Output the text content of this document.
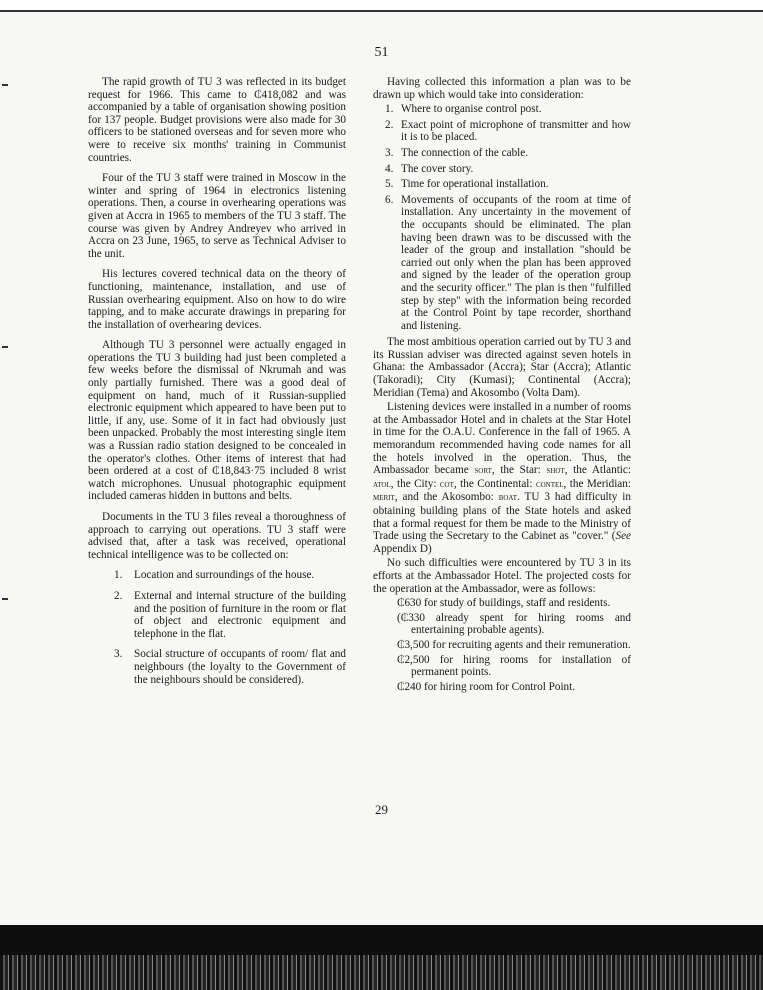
51

The rapid growth of TU 3 was reflected in its budget request for 1966. This came to ₵418,082 and was accompanied by a table of organisation showing position for 137 people. Budget provisions were also made for 30 officers to be stationed overseas and for seven more who were to receive six months' training in Communist countries.

Four of the TU 3 staff were trained in Moscow in the winter and spring of 1964 in electronics listening operations. Then, a course in overhearing operations was given at Accra in 1965 to members of the TU 3 staff. The course was given by Andrey Andreyev who arrived in Accra on 23 June, 1965, to serve as Technical Adviser to the unit.

His lectures covered technical data on the theory of functioning, maintenance, installation, and use of Russian overhearing equipment. Also on how to do wire tapping, and to make accurate drawings in preparing for the installation of overhearing devices.

Although TU 3 personnel were actually engaged in operations the TU 3 building had just been completed a few weeks before the dismissal of Nkrumah and was only partially furnished. There was a good deal of equipment on hand, much of it Russian-supplied electronic equipment which appeared to have been put to little, if any, use. Some of it in fact had obviously just been unpacked. Probably the most interesting single item was a Russian radio station designed to be concealed in the operator's clothes. Other items of interest that had been ordered at a cost of ₵18,843·75 included 8 wrist watch microphones. Unusual photographic equipment included cameras hidden in buttons and belts.

Documents in the TU 3 files reveal a thoroughness of approach to carrying out operations. TU 3 staff were advised that, after a task was received, operational technical intelligence was to be collected on:

1. Location and surroundings of the house.
2. External and internal structure of the building and the position of furniture in the room or flat of object and electronic equipment and telephone in the flat.
3. Social structure of occupants of room/ flat and neighbours (the loyalty to the Government of the neighbours should be considered).

Having collected this information a plan was to be drawn up which would take into consideration:

1. Where to organise control post.
2. Exact point of microphone of transmitter and how it is to be placed.
3. The connection of the cable.
4. The cover story.
5. Time for operational installation.
6. Movements of occupants of the room at time of installation. Any uncertainty in the movement of the occupants should be eliminated. The plan having been drawn was to be discussed with the leader of the group and installation "should be carried out only when the plan has been approved and signed by the leader of the operation group and the security officer." The plan is then "fulfilled step by step" with the information being recorded at the Control Point by tape recorder, shorthand and listening.

The most ambitious operation carried out by TU 3 and its Russian adviser was directed against seven hotels in Ghana: the Ambassador (Accra); Star (Accra); Atlantic (Takoradi); City (Kumasi); Continental (Accra); Meridian (Tema) and Akosombo (Volta Dam).

Listening devices were installed in a number of rooms at the Ambassador Hotel and in chalets at the Star Hotel in time for the O.A.U. Conference in the fall of 1965. A memorandum recommended having code names for all the hotels involved in the operation. Thus, the Ambassador became sort, the Star: shot, the Atlantic: atol, the City: cot, the Continental: contel, the Meridian: merit, and the Akosombo: boat. TU 3 had difficulty in obtaining building plans of the State hotels and asked that a formal request for them be made to the Ministry of Trade using the Secretary to the Cabinet as "cover." (See Appendix D)

No such difficulties were encountered by TU 3 in its efforts at the Ambassador Hotel. The projected costs for the operation at the Ambassador, were as follows:

₵630 for study of buildings, staff and residents.
(₵330 already spent for hiring rooms and entertaining probable agents).
₵3,500 for recruiting agents and their remuneration.
₵2,500 for hiring rooms for installation of permanent points.
₵240 for hiring room for Control Point.
29
